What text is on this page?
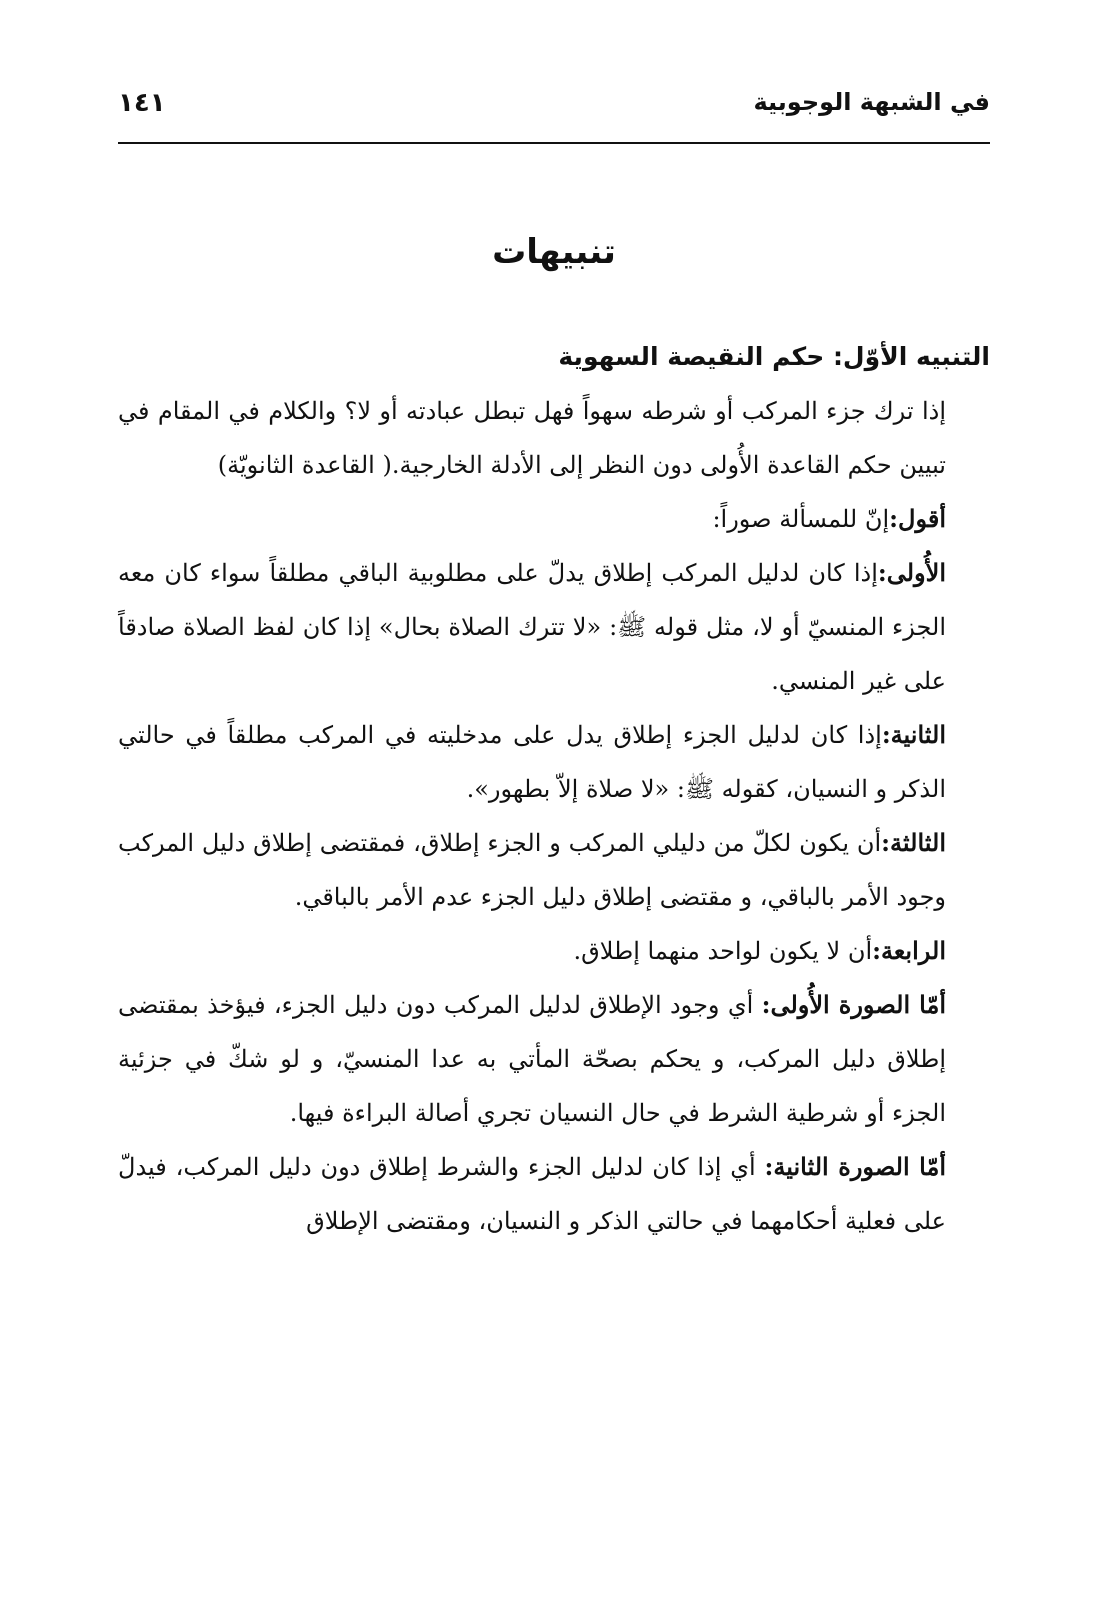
في الشبهة الوجوبية
١٤١
تنبيهات

التنبيه الأوّل: حكم النقيصة السهوية

إذا ترك جزء المركب أو شرطه سهواً فهل تبطل عبادته أو لا؟ والكلام في المقام في تبيين حكم القاعدة الأُولى دون النظر إلى الأدلة الخارجية.( القاعدة الثانويّة)

أقول:إنّ للمسألة صوراً:

الأُولى:إذا كان لدليل المركب إطلاق يدلّ على مطلوبية الباقي مطلقاً سواء كان معه الجزء المنسيّ أو لا، مثل قوله ﷺ: «لا تترك الصلاة بحال» إذا كان لفظ الصلاة صادقاً على غير المنسي.

الثانية:إذا كان لدليل الجزء إطلاق يدل على مدخليته في المركب مطلقاً في حالتي الذكر و النسيان، كقوله ﷺ: «لا صلاة إلاّ بطهور».

الثالثة:أن يكون لكلّ من دليلي المركب و الجزء إطلاق، فمقتضى إطلاق دليل المركب وجود الأمر بالباقي، و مقتضى إطلاق دليل الجزء عدم الأمر بالباقي.

الرابعة:أن لا يكون لواحد منهما إطلاق.

أمّا الصورة الأُولى: أي وجود الإطلاق لدليل المركب دون دليل الجزء، فيؤخذ بمقتضى إطلاق دليل المركب، و يحكم بصحّة المأتي به عدا المنسيّ، و لو شكّ في جزئية الجزء أو شرطية الشرط في حال النسيان تجري أصالة البراءة فيها.

أمّا الصورة الثانية: أي إذا كان لدليل الجزء والشرط إطلاق دون دليل المركب، فيدلّ على فعلية أحكامهما في حالتي الذكر و النسيان، ومقتضى الإطلاق
